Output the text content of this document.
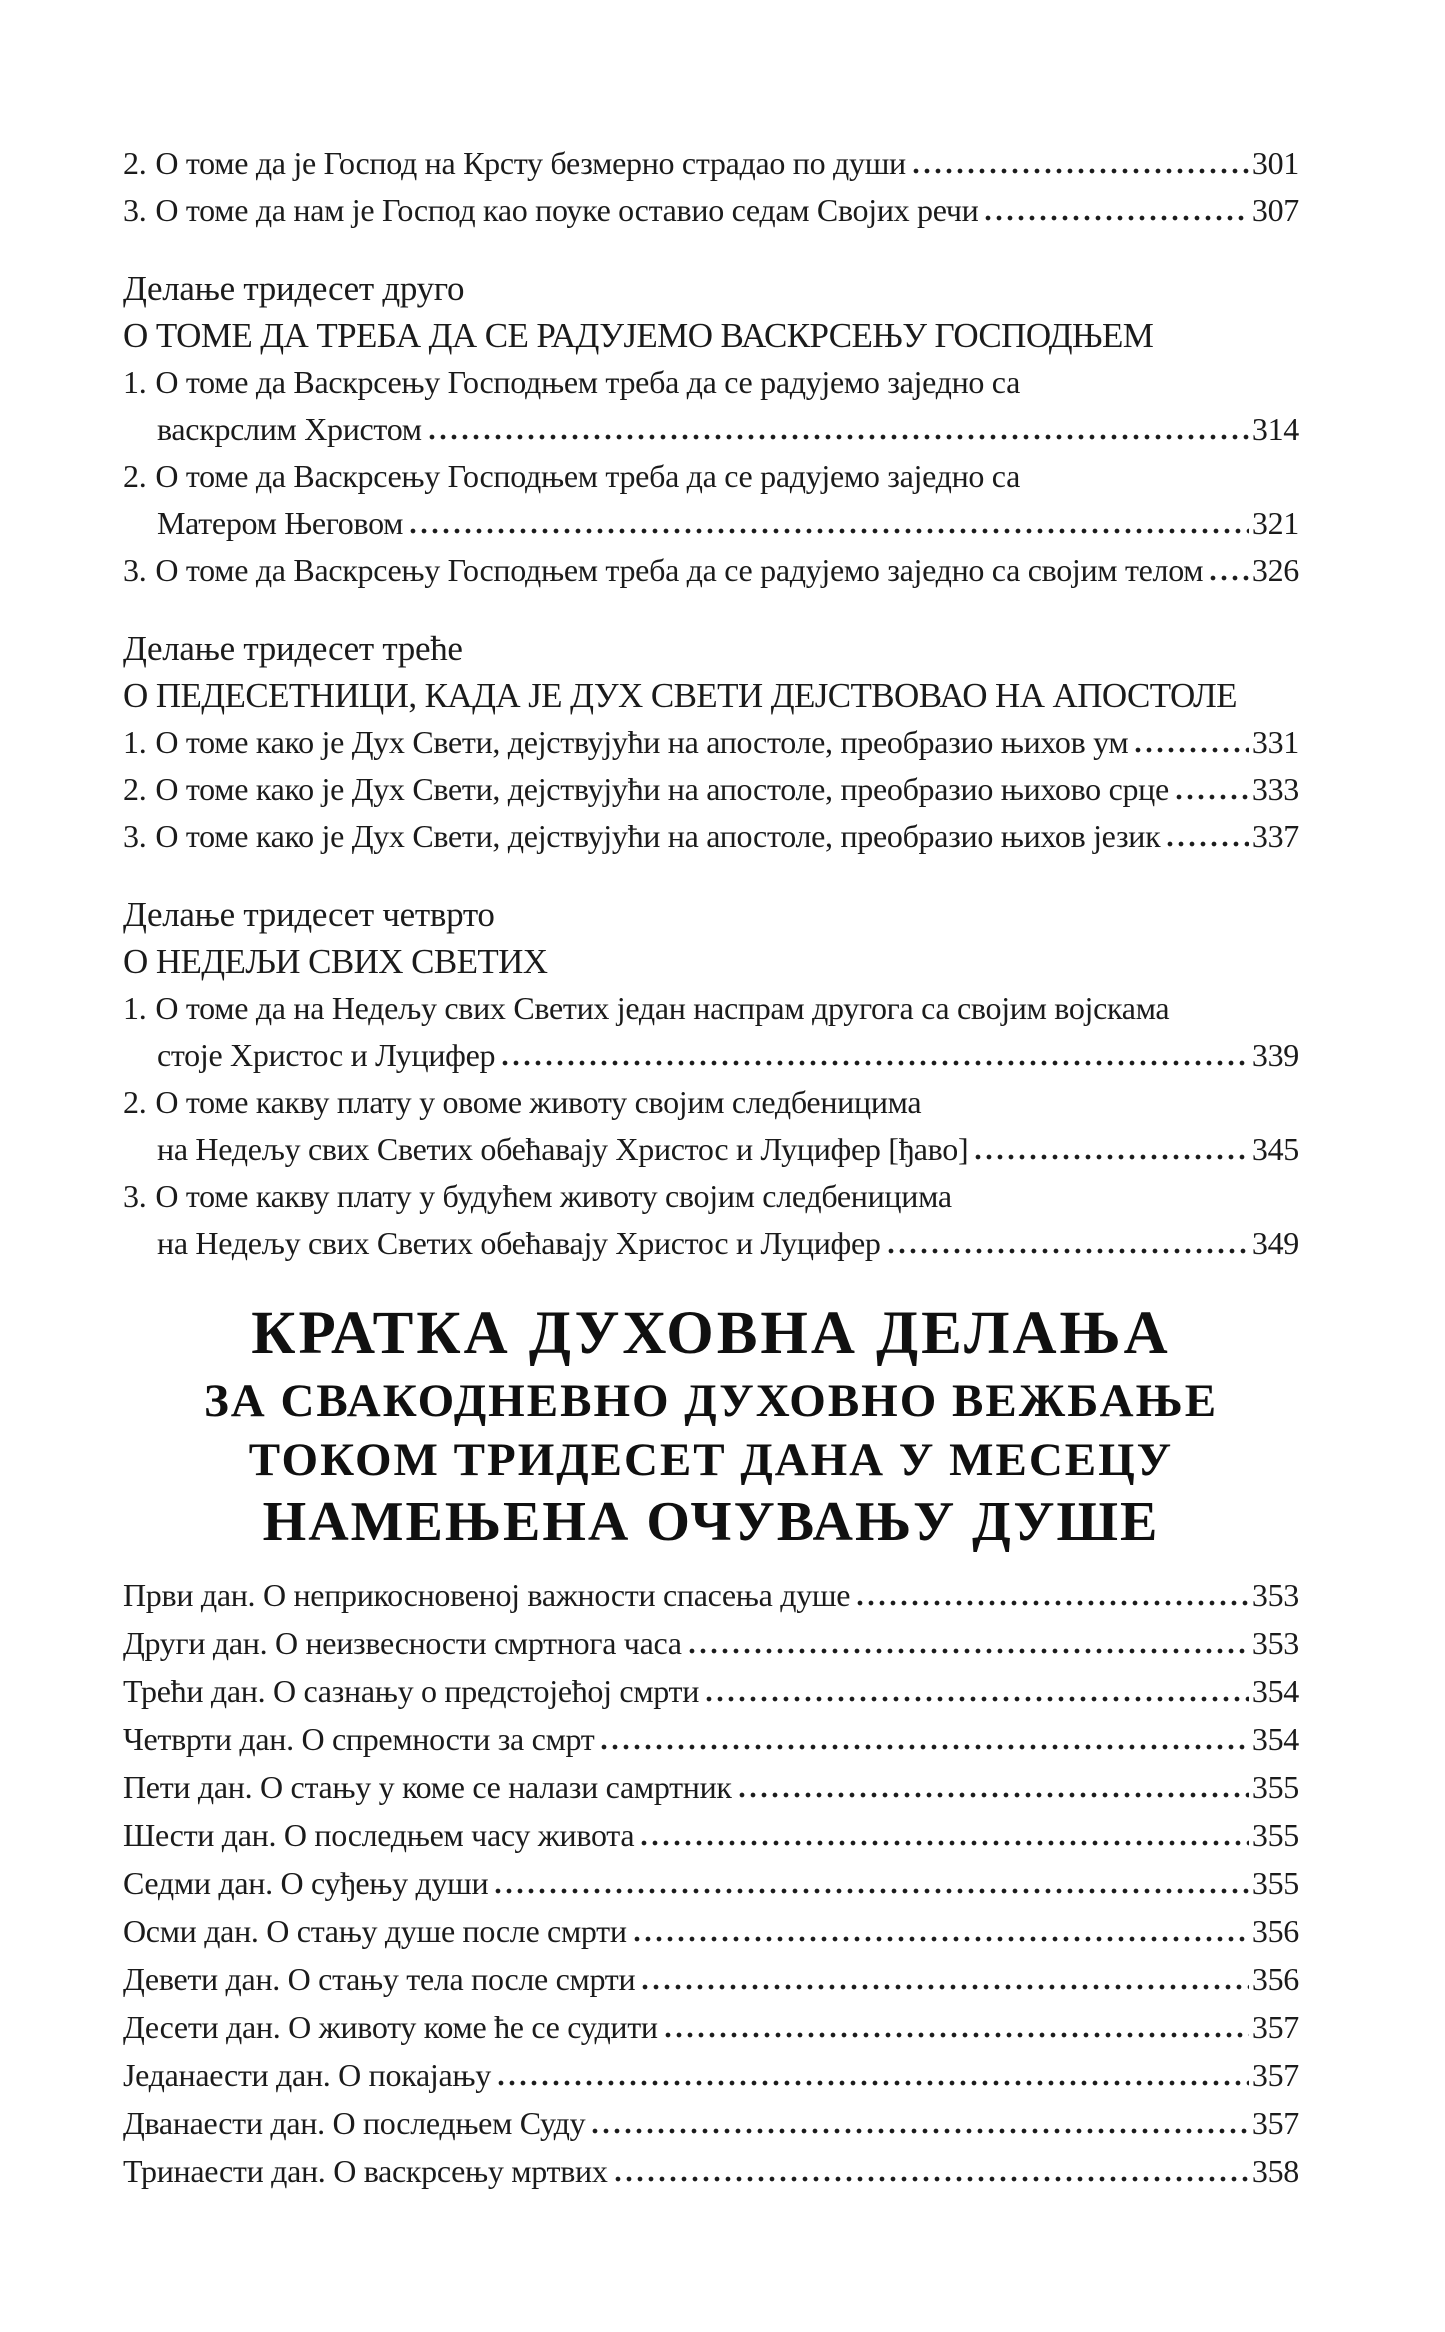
2. О томе да је Господ на Крсту безмерно страдао по души	301
3. О томе да нам је Господ као поуке оставио седам Својих речи	307
Делање тридесет друго
О ТОМЕ ДА ТРЕБА ДА СЕ РАДУЈЕМО ВАСКРСЕЊУ ГОСПОДЊЕМ
1. О томе да Васкрсењу Господњем треба да се радујемо заједно са
васкрслим Христом	314
2. О томе да Васкрсењу Господњем треба да се радујемо заједно са
Матером Његовом	321
3. О томе да Васкрсењу Господњем треба да се радујемо заједно са својим телом 326
Делање тридесет треће
О ПЕДЕСЕТНИЦИ, КАДА ЈЕ ДУХ СВЕТИ ДЕЈСТВОВАО НА АПОСТОЛЕ
1. О томе како је Дух Свети, дејствујући на апостоле, преобразио њихов ум	331
2. О томе како је Дух Свети, дејствујући на апостоле, преобразио њихово срце	333
3. О томе како је Дух Свети, дејствујући на апостоле, преобразио њихов језик	337
Делање тридесет четврто
О НЕДЕЉИ СВИХ СВЕТИХ
1. О томе да на Недељу свих Светих један наспрам другога са својим војскама
стоје Христос и Луцифер	339
2. О томе какву плату у овоме животу својим следбеницима
на Недељу свих Светих обећавају Христос и Луцифер [ђаво]	345
3. О томе какву плату у будућем животу својим следбеницима
на Недељу свих Светих обећавају Христос и Луцифер	349
КРАТКА ДУХОВНА ДЕЛАЊА
ЗА СВАКОДНЕВНО ДУХОВНО ВЕЖБАЊЕ
ТОКОМ ТРИДЕСЕТ ДАНА У МЕСЕЦУ
НАМЕЊЕНА ОЧУВАЊУ ДУШЕ
Први дан. О неприкосновеној важности спасења душе	353
Други дан. О неизвесности смртнога часа	353
Трећи дан. О сазнању о предстојећој смрти	354
Четврти дан. О спремности за смрт	354
Пети дан. О стању у коме се налази самртник	355
Шести дан. О последњем часу живота	355
Седми дан. О суђењу души	355
Осми дан. О стању душе после смрти	356
Девети дан. О стању тела после смрти	356
Десети дан. О животу коме ће се судити	357
Једанаести дан. О покајању	357
Дванаести дан. О последњем Суду	357
Тринаести дан. О васкрсењу мртвих	358
